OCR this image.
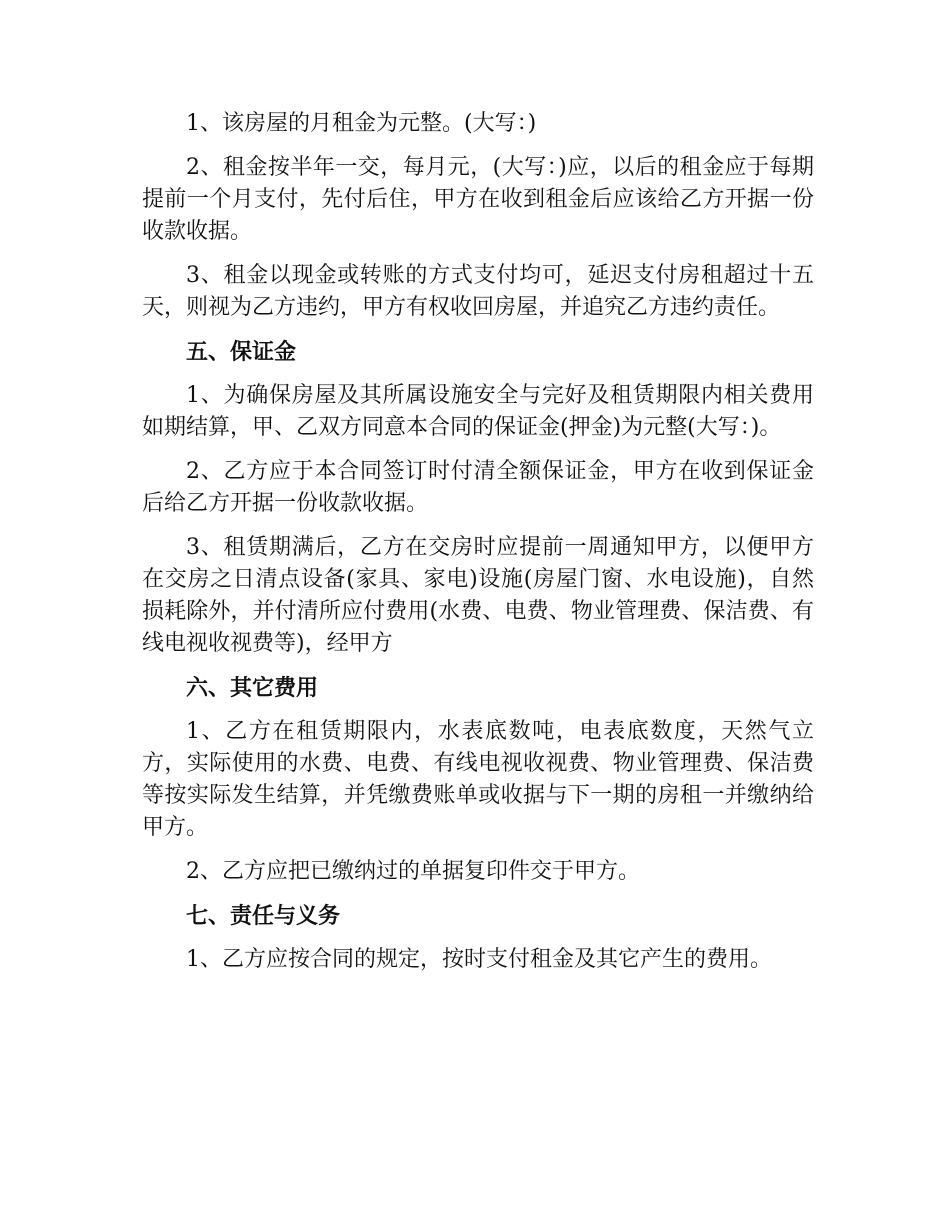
1、该房屋的月租金为元整。(大写：)

2、租金按半年一交，每月元，(大写：)应，以后的租金应于每期提前一个月支付，先付后住，甲方在收到租金后应该给乙方开据一份收款收据。

3、租金以现金或转账的方式支付均可，延迟支付房租超过十五天，则视为乙方违约，甲方有权收回房屋，并追究乙方违约责任。

五、保证金

1、为确保房屋及其所属设施安全与完好及租赁期限内相关费用如期结算，甲、乙双方同意本合同的保证金(押金)为元整(大写：)。

2、乙方应于本合同签订时付清全额保证金，甲方在收到保证金后给乙方开据一份收款收据。

3、租赁期满后，乙方在交房时应提前一周通知甲方，以便甲方在交房之日清点设备(家具、家电)设施(房屋门窗、水电设施)，自然损耗除外，并付清所应付费用(水费、电费、物业管理费、保洁费、有线电视收视费等)，经甲方

六、其它费用

1、乙方在租赁期限内，水表底数吨，电表底数度，天然气立方，实际使用的水费、电费、有线电视收视费、物业管理费、保洁费等按实际发生结算，并凭缴费账单或收据与下一期的房租一并缴纳给甲方。

2、乙方应把已缴纳过的单据复印件交于甲方。

七、责任与义务

1、乙方应按合同的规定，按时支付租金及其它产生的费用。
